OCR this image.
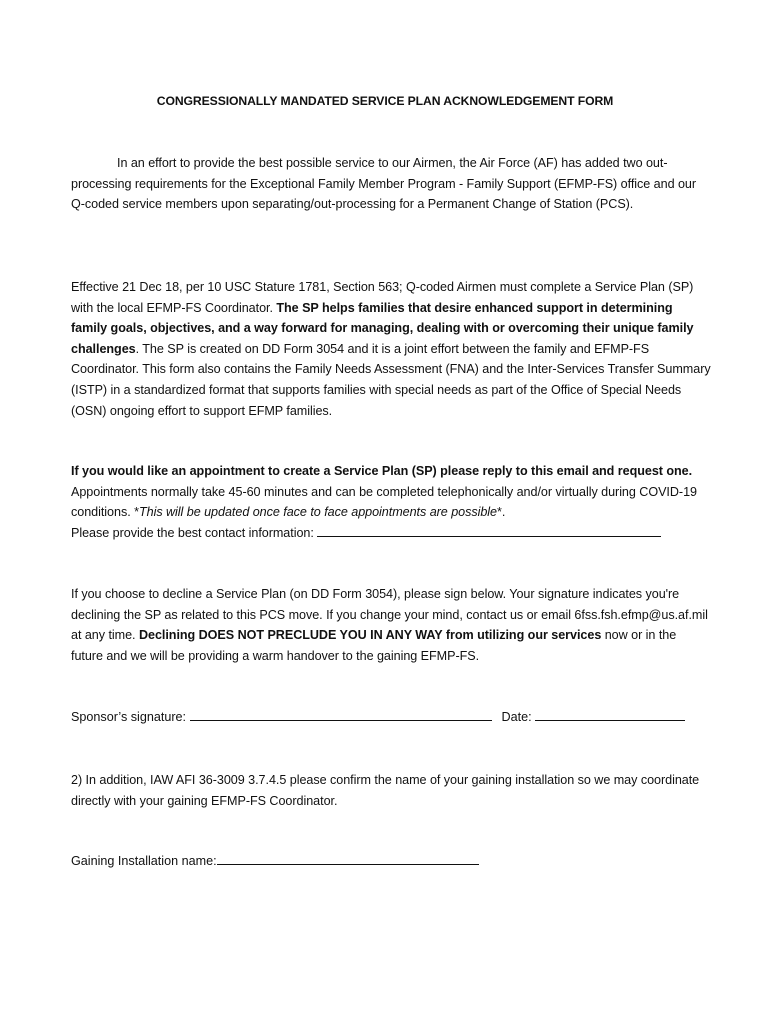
CONGRESSIONALLY MANDATED SERVICE PLAN ACKNOWLEDGEMENT FORM
In an effort to provide the best possible service to our Airmen, the Air Force (AF) has added two out-processing requirements for the Exceptional Family Member Program - Family Support (EFMP-FS) office and our Q-coded service members upon separating/out-processing for a Permanent Change of Station (PCS).
Effective 21 Dec 18, per 10 USC Stature 1781, Section 563; Q-coded Airmen must complete a Service Plan (SP) with the local EFMP-FS Coordinator. The SP helps families that desire enhanced support in determining family goals, objectives, and a way forward for managing, dealing with or overcoming their unique family challenges. The SP is created on DD Form 3054 and it is a joint effort between the family and EFMP-FS Coordinator. This form also contains the Family Needs Assessment (FNA) and the Inter-Services Transfer Summary (ISTP) in a standardized format that supports families with special needs as part of the Office of Special Needs (OSN) ongoing effort to support EFMP families.
If you would like an appointment to create a Service Plan (SP) please reply to this email and request one. Appointments normally take 45-60 minutes and can be completed telephonically and/or virtually during COVID-19 conditions. *This will be updated once face to face appointments are possible*.
Please provide the best contact information:
If you choose to decline a Service Plan (on DD Form 3054), please sign below. Your signature indicates you're declining the SP as related to this PCS move. If you change your mind, contact us or email 6fss.fsh.efmp@us.af.mil at any time. Declining DOES NOT PRECLUDE YOU IN ANY WAY from utilizing our services now or in the future and we will be providing a warm handover to the gaining EFMP-FS.
Sponsor’s signature:	Date:
2) In addition, IAW AFI 36-3009 3.7.4.5 please confirm the name of your gaining installation so we may coordinate directly with your gaining EFMP-FS Coordinator.
Gaining Installation name:
